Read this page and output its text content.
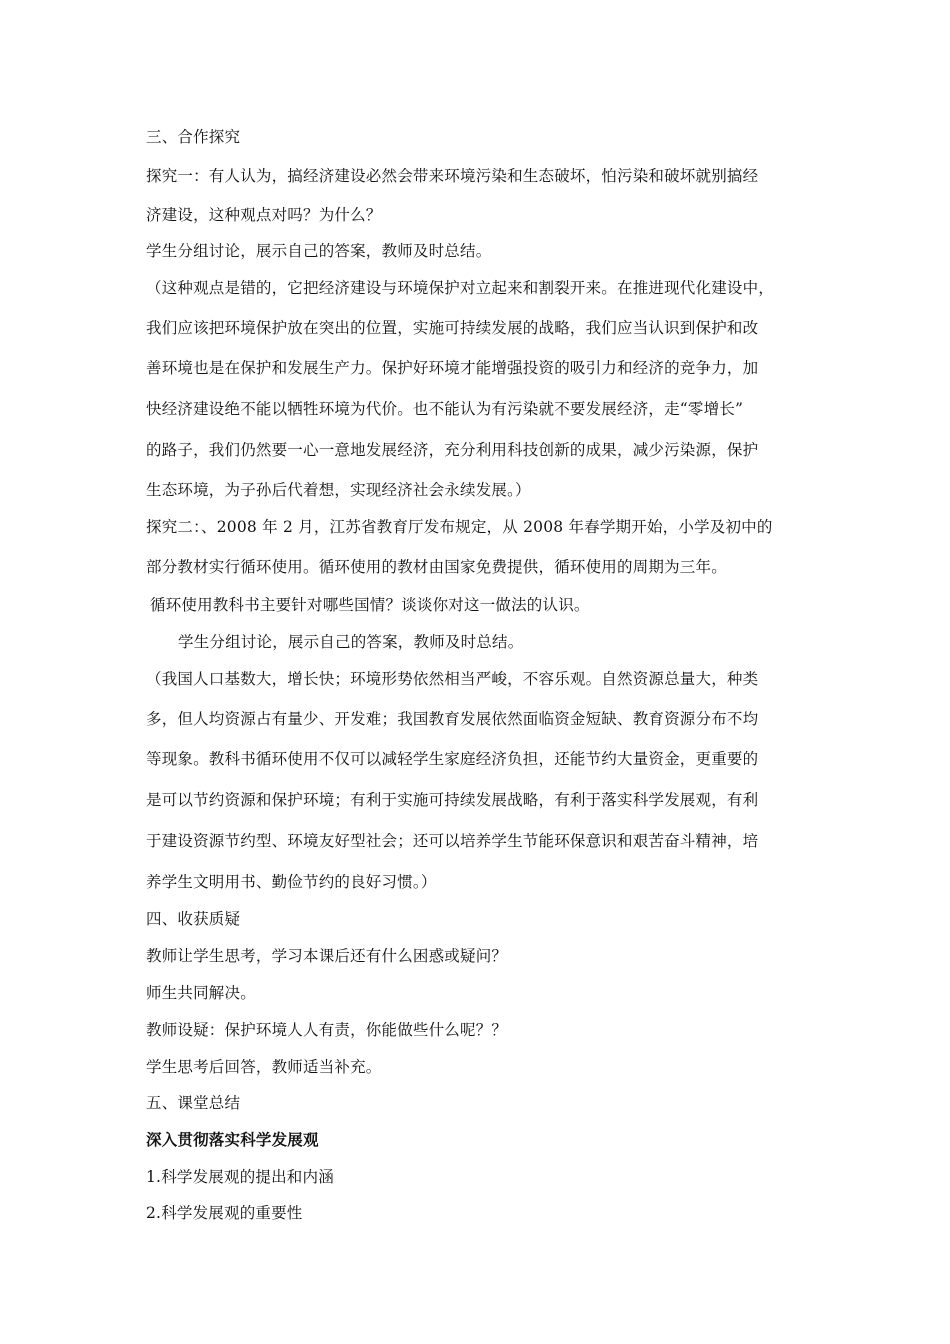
三、合作探究
探究一：有人认为，搞经济建设必然会带来环境污染和生态破坏，怕污染和破坏就别搞经
济建设，这种观点对吗？为什么？
学生分组讨论，展示自己的答案，教师及时总结。
（这种观点是错的，它把经济建设与环境保护对立起来和割裂开来。在推进现代化建设中，
我们应该把环境保护放在突出的位置，实施可持续发展的战略，我们应当认识到保护和改
善环境也是在保护和发展生产力。保护好环境才能增强投资的吸引力和经济的竞争力，加
快经济建设绝不能以牺牲环境为代价。也不能认为有污染就不要发展经济，走“零增长”
的路子，我们仍然要一心一意地发展经济，充分利用科技创新的成果，减少污染源，保护
生态环境，为子孙后代着想，实现经济社会永续发展。）
探究二：、2008 年 2 月，江苏省教育厅发布规定，从 2008 年春学期开始，小学及初中的
部分教材实行循环使用。循环使用的教材由国家免费提供，循环使用的周期为三年。
循环使用教科书主要针对哪些国情？谈谈你对这一做法的认识。
学生分组讨论，展示自己的答案，教师及时总结。
（我国人口基数大，增长快；环境形势依然相当严峻，不容乐观。自然资源总量大，种类
多，但人均资源占有量少、开发难；我国教育发展依然面临资金短缺、教育资源分布不均
等现象。教科书循环使用不仅可以减轻学生家庭经济负担，还能节约大量资金，更重要的
是可以节约资源和保护环境；有利于实施可持续发展战略，有利于落实科学发展观，有利
于建设资源节约型、环境友好型社会；还可以培养学生节能环保意识和艰苦奋斗精神，培
养学生文明用书、勤俭节约的良好习惯。）
四、收获质疑
教师让学生思考，学习本课后还有什么困惑或疑问？
师生共同解决。
教师设疑：保护环境人人有责，你能做些什么呢？？
学生思考后回答，教师适当补充。
五、课堂总结
深入贯彻落实科学发展观
1.科学发展观的提出和内涵
2.科学发展观的重要性
